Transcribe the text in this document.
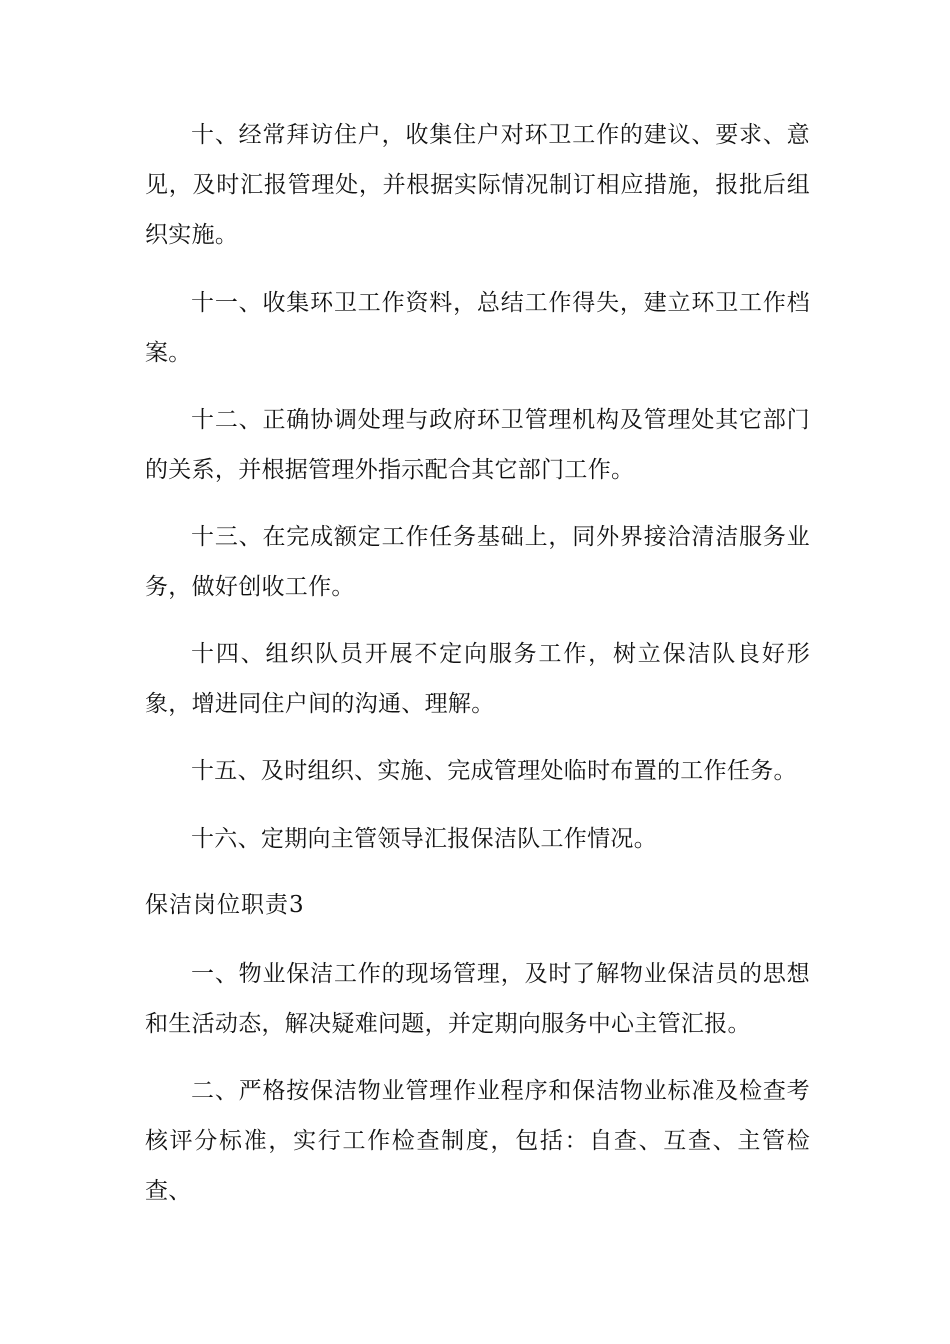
十、经常拜访住户，收集住户对环卫工作的建议、要求、意见，及时汇报管理处，并根据实际情况制订相应措施，报批后组织实施。

十一、收集环卫工作资料，总结工作得失，建立环卫工作档案。

十二、正确协调处理与政府环卫管理机构及管理处其它部门的关系，并根据管理外指示配合其它部门工作。

十三、在完成额定工作任务基础上，同外界接洽清洁服务业务，做好创收工作。

十四、组织队员开展不定向服务工作，树立保洁队良好形象，增进同住户间的沟通、理解。

十五、及时组织、实施、完成管理处临时布置的工作任务。

十六、定期向主管领导汇报保洁队工作情况。

保洁岗位职责3

一、物业保洁工作的现场管理，及时了解物业保洁员的思想和生活动态，解决疑难问题，并定期向服务中心主管汇报。

二、严格按保洁物业管理作业程序和保洁物业标准及检查考核评分标准，实行工作检查制度，包括：自查、互查、主管检查、
